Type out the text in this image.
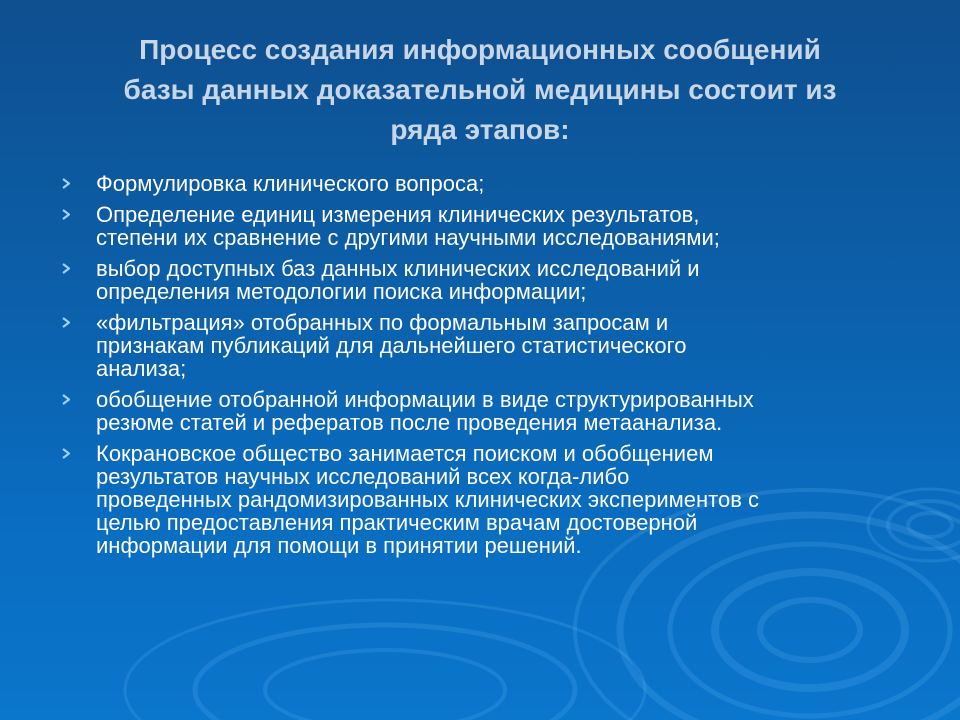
Процесс создания информационных сообщений
базы данных доказательной медицины состоит из
ряда этапов:
Формулировка клинического вопроса;
Определение единиц измерения клинических результатов,
степени их сравнение с другими научными исследованиями;
выбор доступных баз данных клинических исследований и
определения методологии поиска информации;
«фильтрация» отобранных по формальным запросам и
признакам публикаций для дальнейшего статистического
анализа;
обобщение отобранной информации в виде структурированных
резюме статей и рефератов после проведения метаанализа.
Кокрановское общество занимается поиском и обобщением
результатов научных исследований всех когда-либо
проведенных рандомизированных клинических экспериментов с
целью предоставления практическим врачам достоверной
информации для помощи в принятии решений.
